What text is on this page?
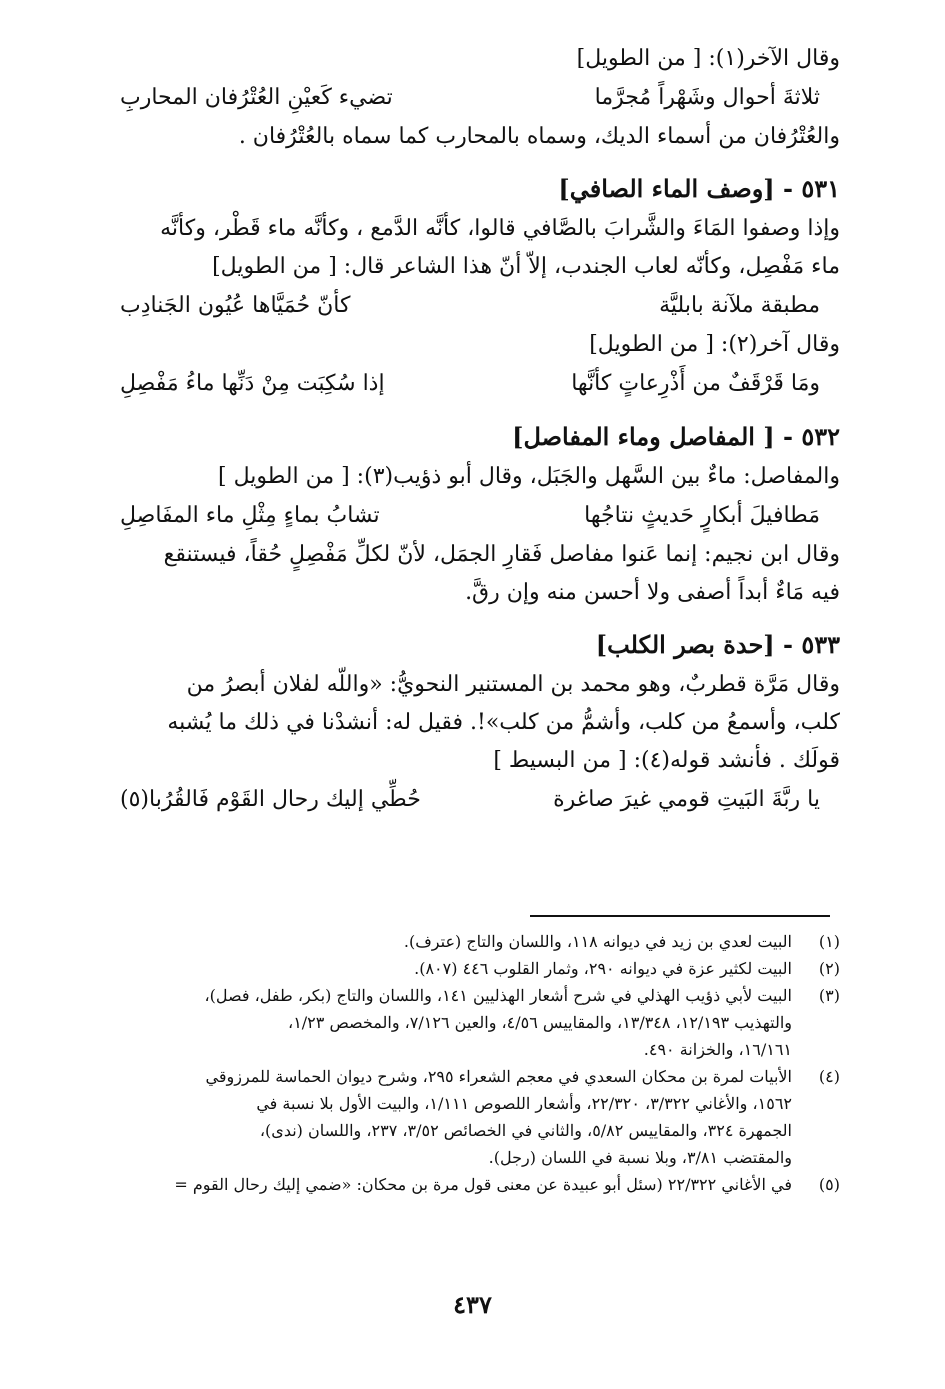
وقال الآخر(١): [ من الطويل]
ثلاثةَ أحوال وشَهْراً مُجرَّما
تضيء كَعيْنِ العُتْرُفان المحاربِ
والعُتْرُفان من أسماء الديك، وسماه بالمحارب كما سماه بالعُتْرُفان .
٥٣١ - [وصف الماء الصافي]
وإذا وصفوا المَاءَ والشَّرابَ بالصَّافي قالوا، كأنَّه الدَّمع ، وكأنَّه ماء قَطْر، وكأنَّه
ماء مَفْصِل، وكأنّه لعاب الجندب، إلاّ أنّ هذا الشاعر قال: [ من الطويل]
مطبقة ملآنة بابليَّة
كأنّ حُمَيَّاها عُيُون الجَنادِب
وقال آخر(٢): [ من الطويل]
ومَا قَرْقَفٌ من أَذْرِعاتٍ كأنَّها
إذا سُكِبَت مِنْ دَنِّها ماءُ مَفْصِلِ
٥٣٢ - [ المفاصل وماء المفاصل]
والمفاصل: ماءٌ بين السَّهل والجَبَل، وقال أبو ذؤيب(٣): [ من الطويل ]
مَطافيلَ أبكارٍ حَديثٍ نتاجُها
تشابُ بماءٍ مِثْلِ ماء المفَاصِلِ
وقال ابن نجيم: إنما عَنوا مفاصل فَقارِ الجمَل، لأنّ لكلِّ مَفْصِلٍ حُقاً، فيستنقع
فيه مَاءٌ أبداً أصفى ولا أحسن منه وإن رقَّ.
٥٣٣ - [حدة بصر الكلب]
وقال مَرَّة قطربٌ، وهو محمد بن المستنير النحويُّ: «واللّه لفلان أبصرُ من
كلب، وأسمعُ من كلب، وأشمُّ من كلب»!. فقيل له: أنشدْنا في ذلك ما يُشبه
قولَك . فأنشد قوله(٤): [ من البسيط ]
يا ربَّةَ البَيتِ قومي غيرَ صاغرة
حُطِّي إليك رحال القَوْم فَالقُرُبا(٥)
(١)
البيت لعدي بن زيد في ديوانه ١١٨، واللسان والتاج (عترف).
(٢)
البيت لكثير عزة في ديوانه ٢٩٠، وثمار القلوب ٤٤٦ (٨٠٧).
(٣)
البيت لأبي ذؤيب الهذلي في شرح أشعار الهذليين ١٤١، واللسان والتاج (بكر، طفل، فصل)،
والتهذيب ١٢/١٩٣، ١٣/٣٤٨، والمقاييس ٤/٥٦، والعين ٧/١٢٦، والمخصص ١/٢٣،
١٦/١٦١، والخزانة ٤٩٠.
(٤)
الأبيات لمرة بن محكان السعدي في معجم الشعراء ٢٩٥، وشرح ديوان الحماسة للمرزوقي
١٥٦٢، والأغاني ٣/٣٢٢، ٢٢/٣٢٠، وأشعار اللصوص ١/١١١، والبيت الأول بلا نسبة في
الجمهرة ٣٢٤، والمقاييس ٥/٨٢، والثاني في الخصائص ٣/٥٢، ٢٣٧، واللسان (ندى)،
والمقتضب ٣/٨١، وبلا نسبة في اللسان (رجل).
(٥)
في الأغاني ٢٢/٣٢٢ (سئل أبو عبيدة عن معنى قول مرة بن محكان: «ضمي إليك رحال القوم =
٤٣٧
